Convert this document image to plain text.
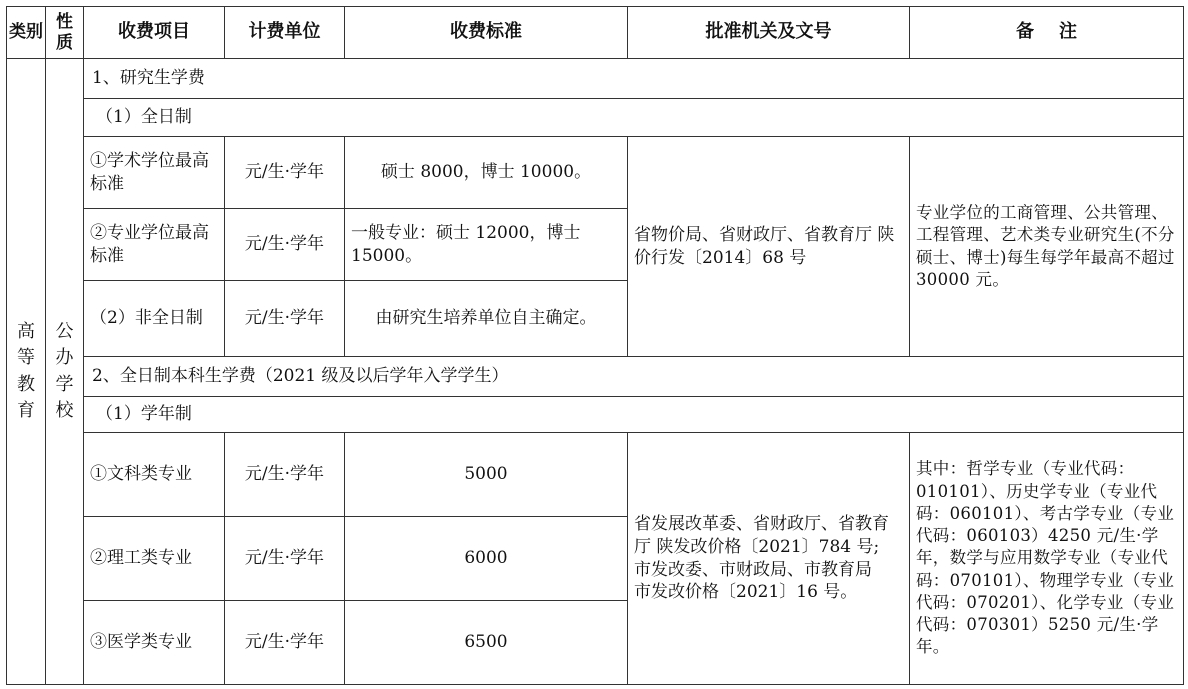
类别	性质	收费项目	计费单位	收费标准	批准机关及文号	备    注

高
等
教
育	公
办
学
校	1、研究生学费				
		（1）全日制				
		①学术学位最高标准	元/生·学年	硕士 8000，博士 10000。	省物价局、省财政厅、省教育厅 陕价行发〔2014〕68 号	专业学位的工商管理、公共管理、工程管理、艺术类专业研究生(不分硕士、博士)每生每学年最高不超过 30000 元。
		②专业学位最高标准	元/生·学年	一般专业：硕士 12000，博士 15000。		
		（2）非全日制	元/生·学年	由研究生培养单位自主确定。		
		2、全日制本科生学费（2021 级及以后学年入学学生）				
		（1）学年制				
		①文科类专业	元/生·学年	5000	省发展改革委、省财政厅、省教育厅 陕发改价格〔2021〕784 号;
市发改委、市财政局、市教育局
市发改价格〔2021〕16 号。	其中：哲学专业（专业代码：010101）、历史学专业（专业代码：060101）、考古学专业（专业代码：060103）4250 元/生·学年，数学与应用数学专业（专业代码：070101）、物理学专业（专业代码：070201）、化学专业（专业代码：070301）5250 元/生·学年。
		②理工类专业	元/生·学年	6000		
		③医学类专业	元/生·学年	6500		
